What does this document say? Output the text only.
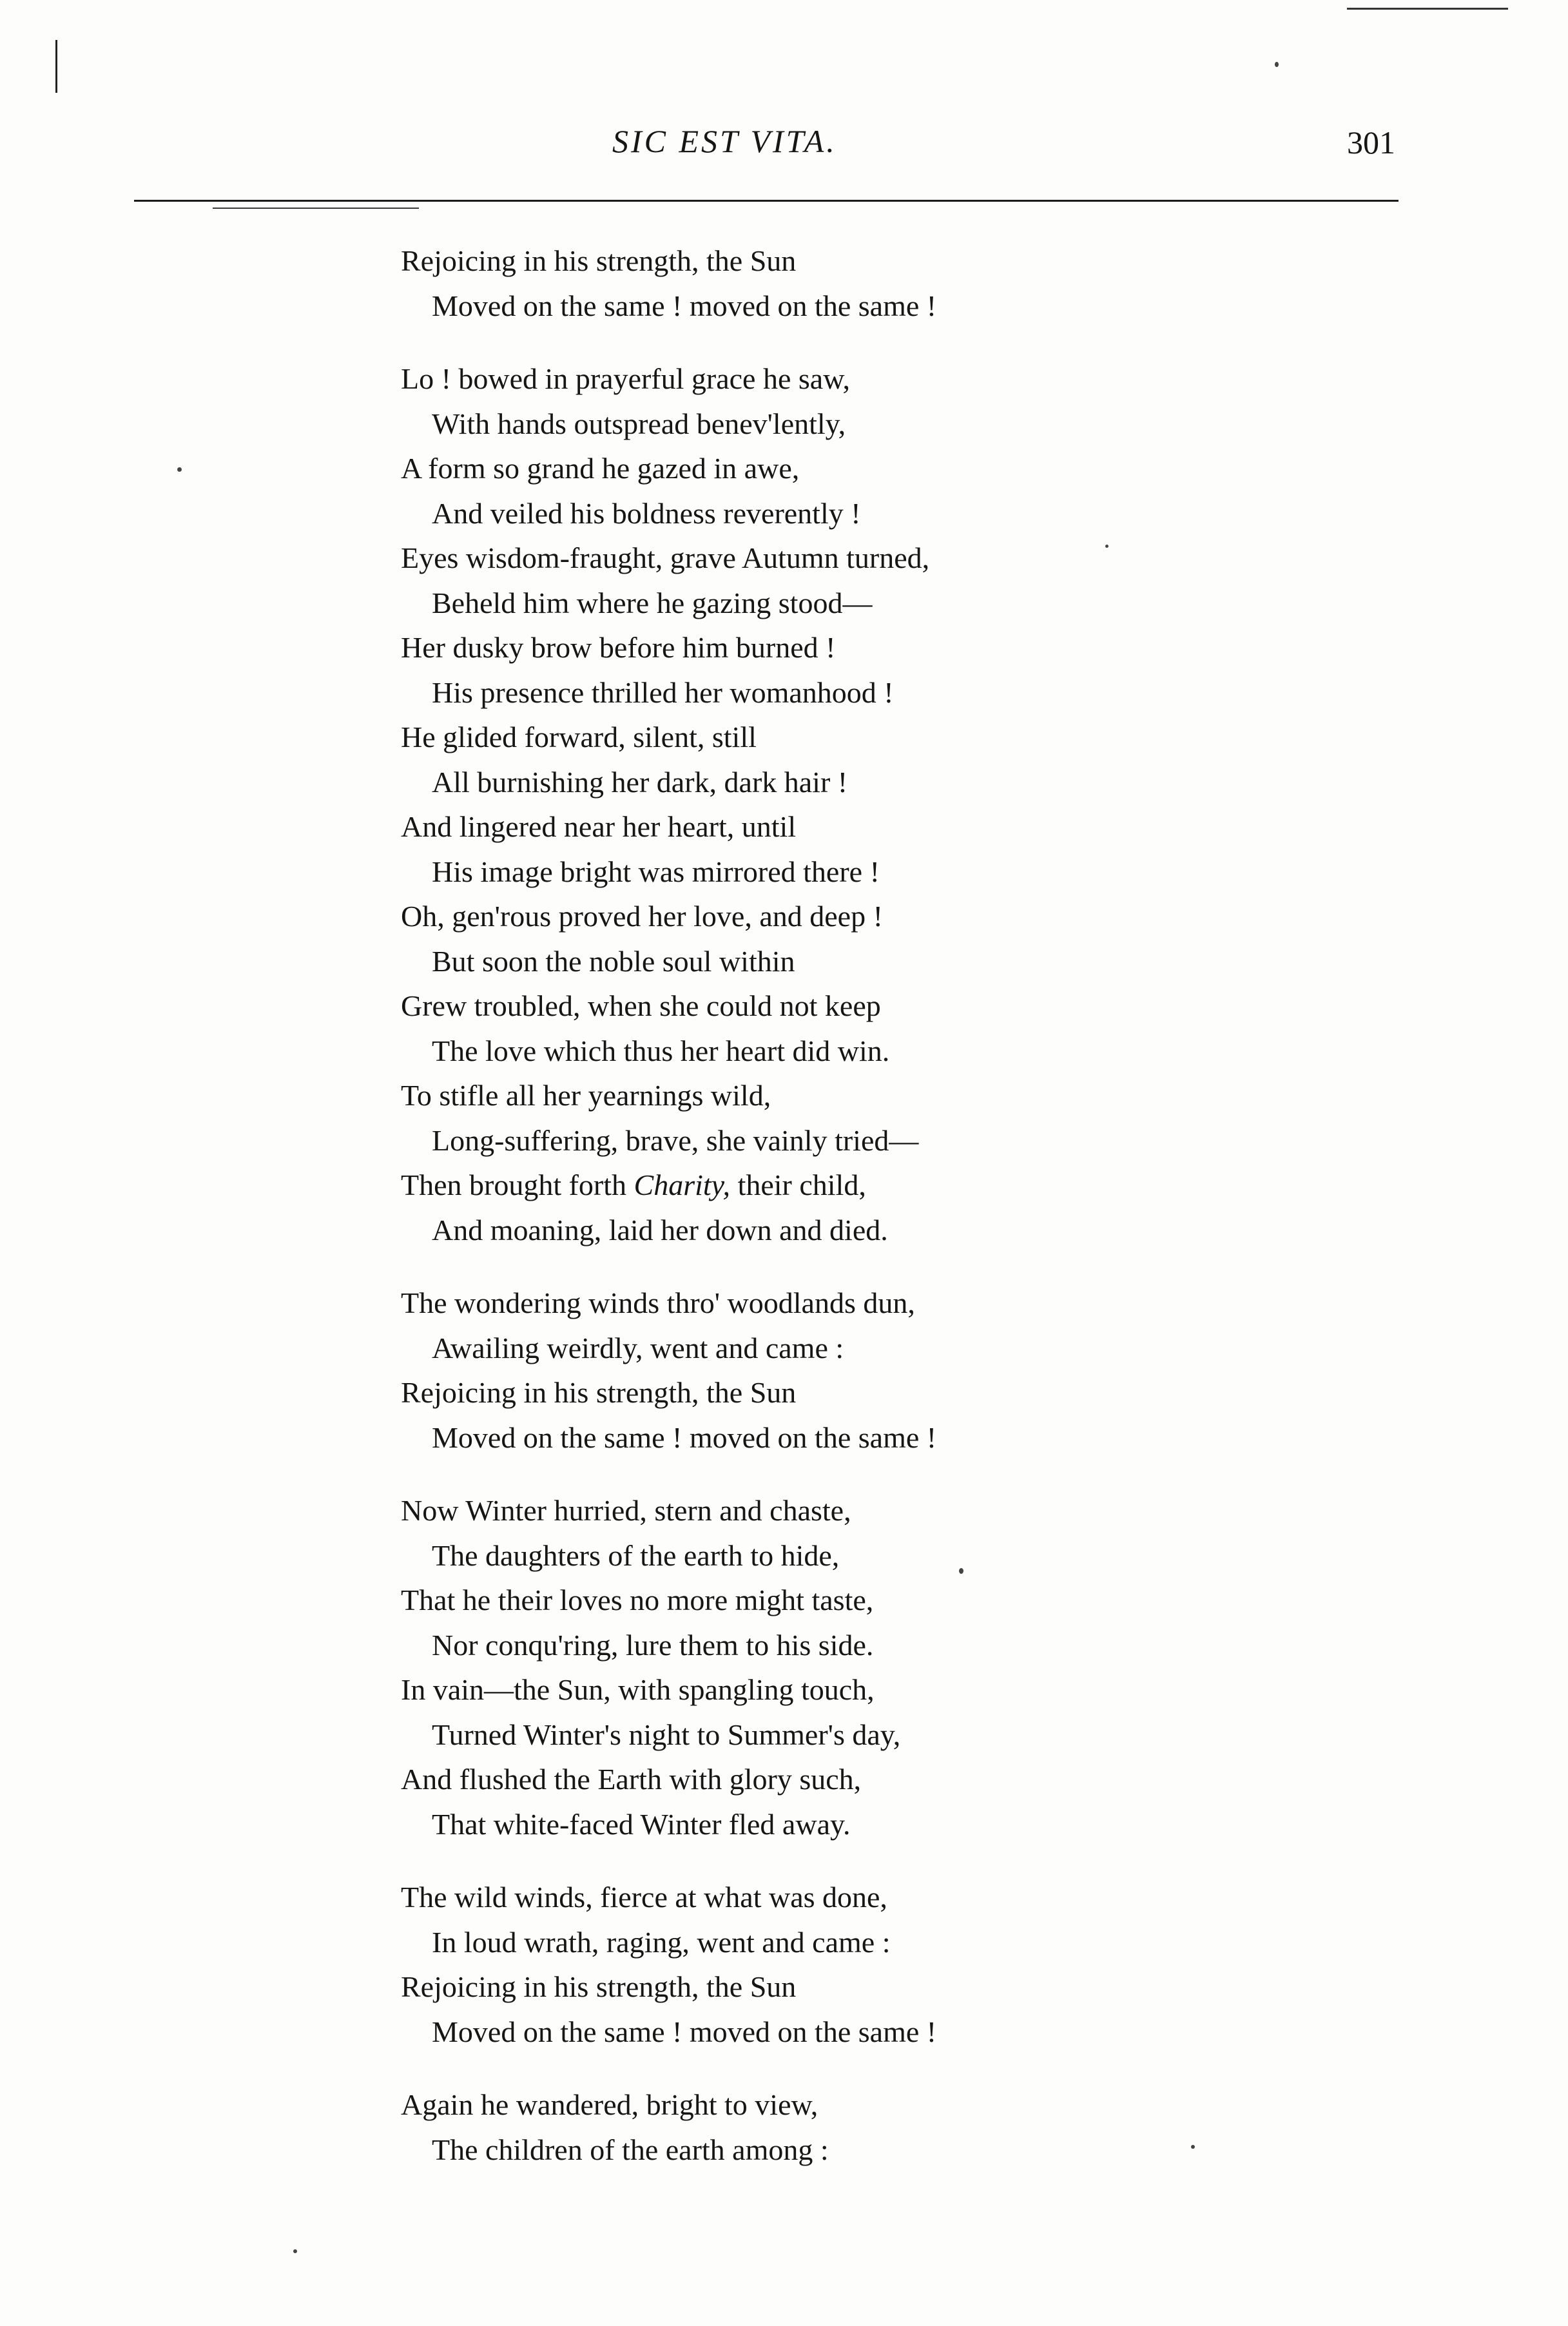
SIC EST VITA.	301
Rejoicing in his strength, the Sun
Moved on the same ! moved on the same !
Lo ! bowed in prayerful grace he saw,
With hands outspread benev'lently,
A form so grand he gazed in awe,
And veiled his boldness reverently !
Eyes wisdom-fraught, grave Autumn turned,
Beheld him where he gazing stood—
Her dusky brow before him burned !
His presence thrilled her womanhood !
He glided forward, silent, still
All burnishing her dark, dark hair !
And lingered near her heart, until
His image bright was mirrored there !
Oh, gen'rous proved her love, and deep !
But soon the noble soul within
Grew troubled, when she could not keep
The love which thus her heart did win.
To stifle all her yearnings wild,
Long-suffering, brave, she vainly tried—
Then brought forth Charity, their child,
And moaning, laid her down and died.
The wondering winds thro' woodlands dun,
Awailing weirdly, went and came :
Rejoicing in his strength, the Sun
Moved on the same ! moved on the same !
Now Winter hurried, stern and chaste,
The daughters of the earth to hide,
That he their loves no more might taste,
Nor conqu'ring, lure them to his side.
In vain—the Sun, with spangling touch,
Turned Winter's night to Summer's day,
And flushed the Earth with glory such,
That white-faced Winter fled away.
The wild winds, fierce at what was done,
In loud wrath, raging, went and came :
Rejoicing in his strength, the Sun
Moved on the same ! moved on the same !
Again he wandered, bright to view,
The children of the earth among :
